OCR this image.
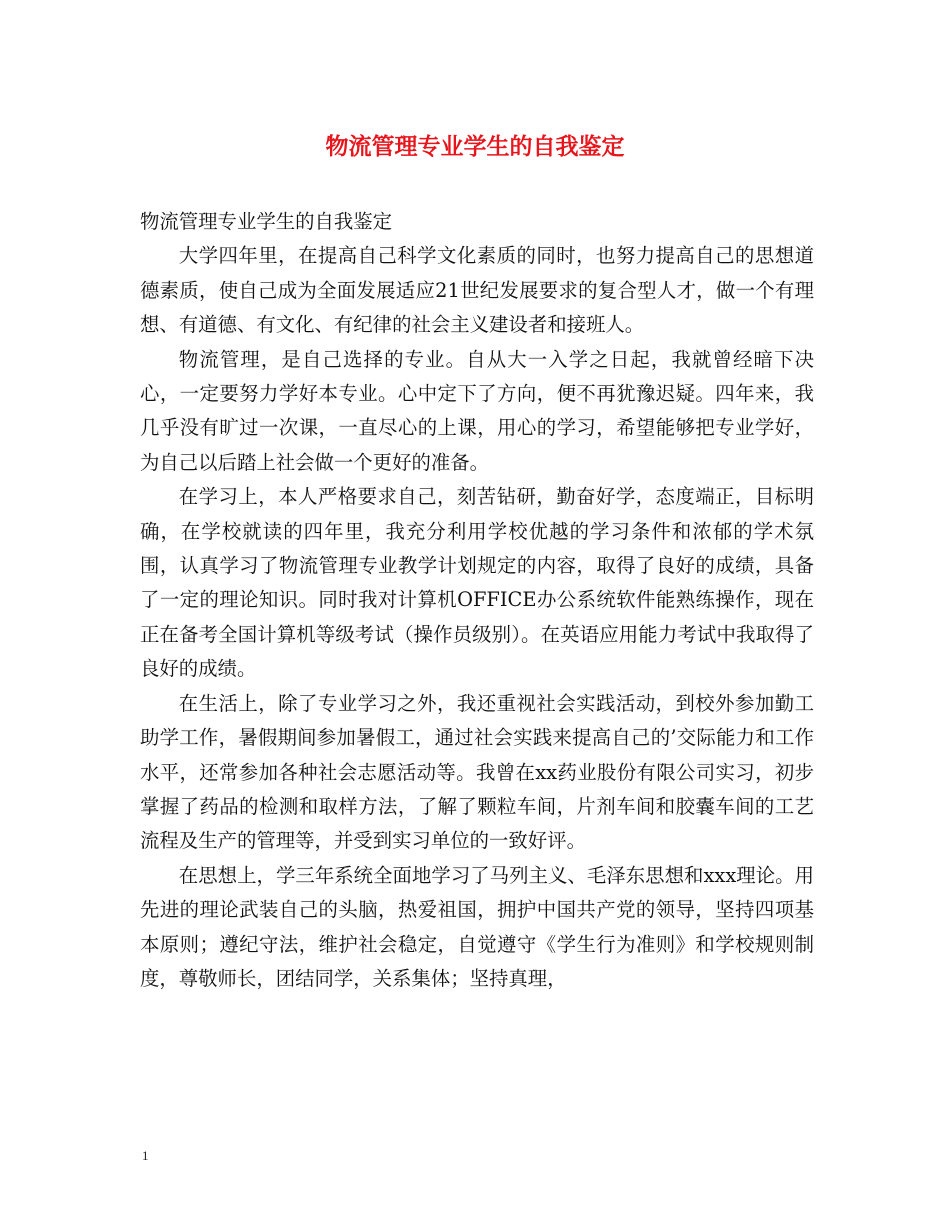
物流管理专业学生的自我鉴定

物流管理专业学生的自我鉴定

大学四年里，在提高自己科学文化素质的同时，也努力提高自己的思想道德素质，使自己成为全面发展适应21世纪发展要求的复合型人才，做一个有理想、有道德、有文化、有纪律的社会主义建设者和接班人。

物流管理，是自己选择的专业。自从大一入学之日起，我就曾经暗下决心，一定要努力学好本专业。心中定下了方向，便不再犹豫迟疑。四年来，我几乎没有旷过一次课，一直尽心的上课，用心的学习，希望能够把专业学好，为自己以后踏上社会做一个更好的准备。

在学习上，本人严格要求自己，刻苦钻研，勤奋好学，态度端正，目标明确，在学校就读的四年里，我充分利用学校优越的学习条件和浓郁的学术氛围，认真学习了物流管理专业教学计划规定的内容，取得了良好的成绩，具备了一定的理论知识。同时我对计算机OFFICE办公系统软件能熟练操作，现在正在备考全国计算机等级考试（操作员级别）。在英语应用能力考试中我取得了良好的成绩。

在生活上，除了专业学习之外，我还重视社会实践活动，到校外参加勤工助学工作，暑假期间参加暑假工，通过社会实践来提高自己的’交际能力和工作水平，还常参加各种社会志愿活动等。我曾在xx药业股份有限公司实习，初步掌握了药品的检测和取样方法，了解了颗粒车间，片剂车间和胶囊车间的工艺流程及生产的管理等，并受到实习单位的一致好评。

在思想上，学三年系统全面地学习了马列主义、毛泽东思想和xxx理论。用先进的理论武装自己的头脑，热爱祖国，拥护中国共产党的领导，坚持四项基本原则；遵纪守法，维护社会稳定，自觉遵守《学生行为准则》和学校规则制度，尊敬师长，团结同学，关系集体；坚持真理，

1
